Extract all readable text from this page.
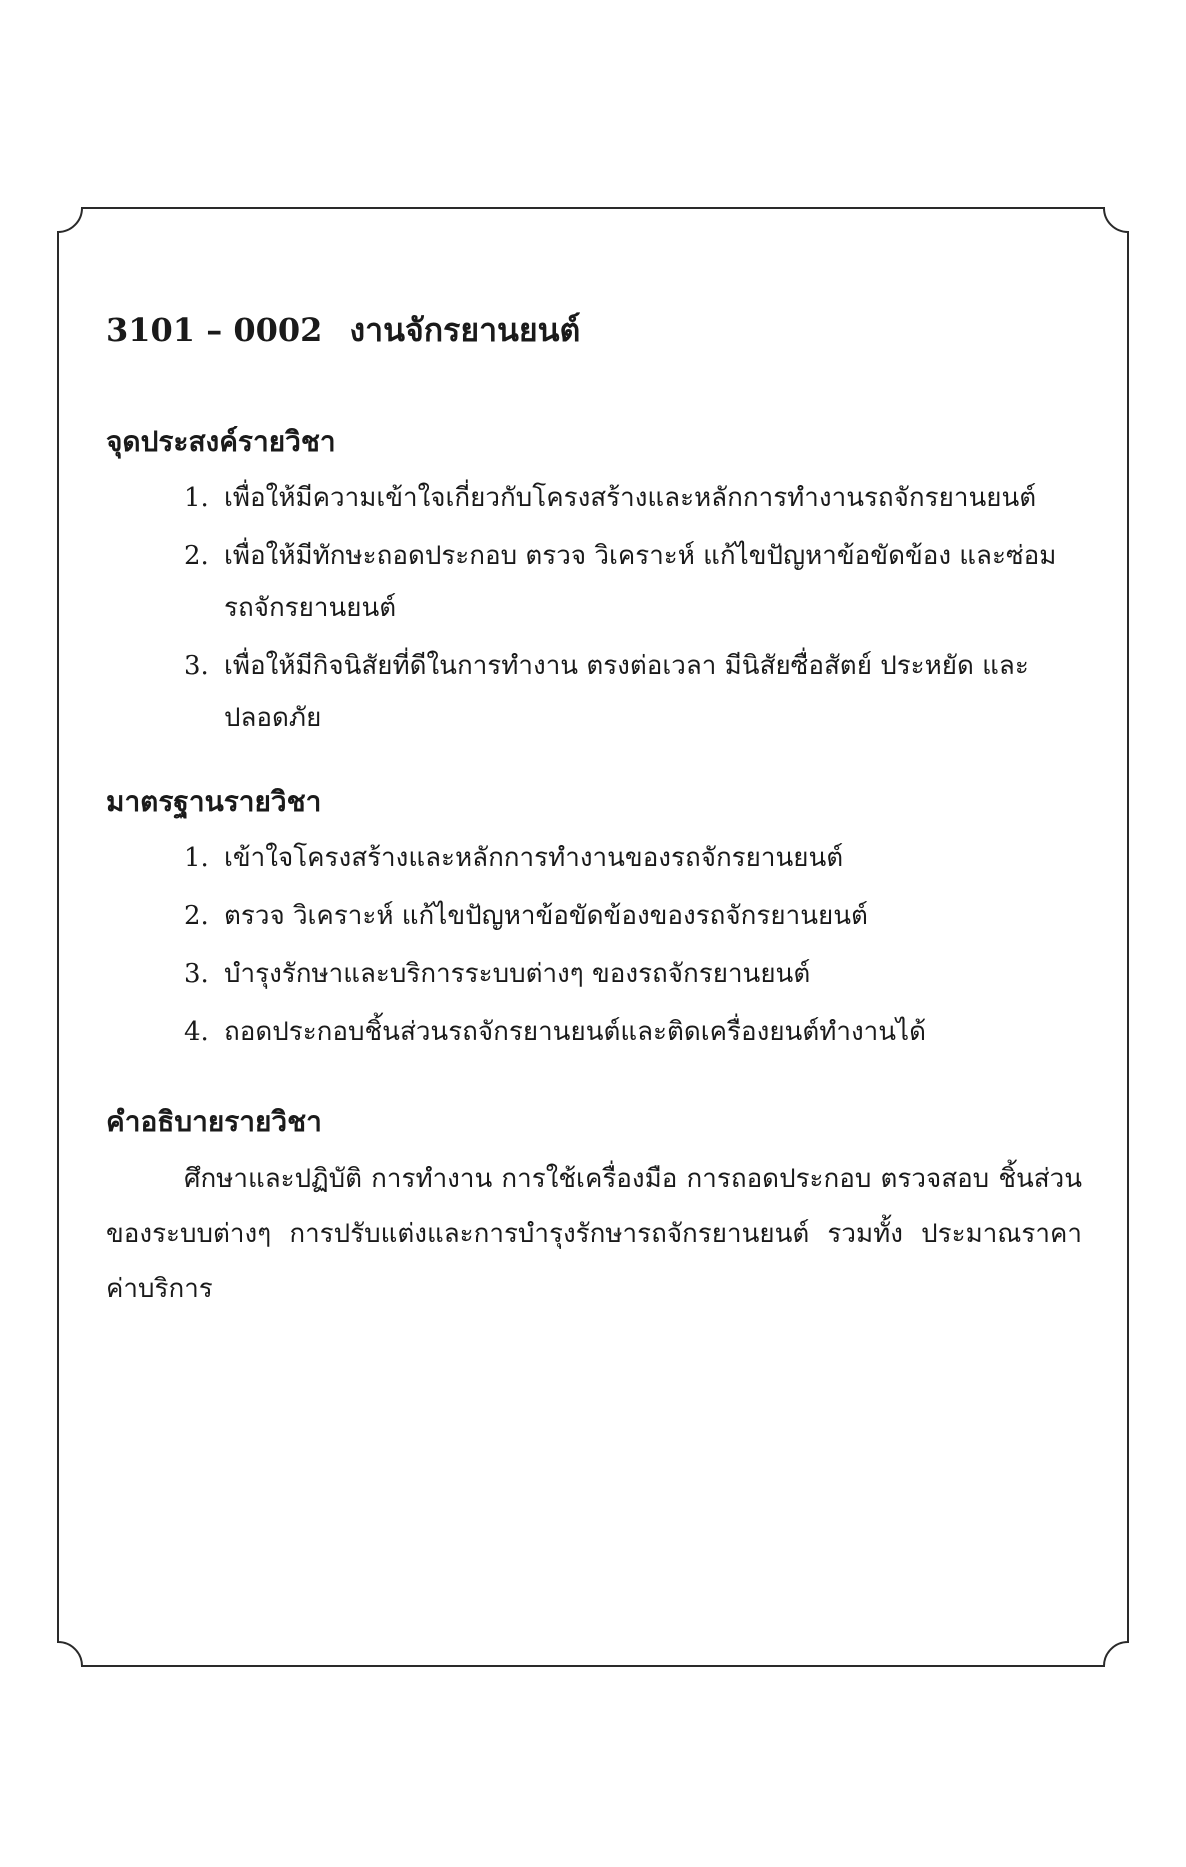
3101 – 0002 งานจักรยานยนต์
จุดประสงค์รายวิชา
1. เพื่อให้มีความเข้าใจเกี่ยวกับโครงสร้างและหลักการทำงานรถจักรยานยนต์
2. เพื่อให้มีทักษะถอดประกอบ ตรวจ วิเคราะห์ แก้ไขปัญหาข้อขัดข้อง และซ่อม รถจักรยานยนต์
3. เพื่อให้มีกิจนิสัยที่ดีในการทำงาน ตรงต่อเวลา มีนิสัยซื่อสัตย์ ประหยัด และ ปลอดภัย
มาตรฐานรายวิชา
1. เข้าใจโครงสร้างและหลักการทำงานของรถจักรยานยนต์
2. ตรวจ วิเคราะห์ แก้ไขปัญหาข้อขัดข้องของรถจักรยานยนต์
3. บำรุงรักษาและบริการระบบต่างๆ ของรถจักรยานยนต์
4. ถอดประกอบชิ้นส่วนรถจักรยานยนต์และติดเครื่องยนต์ทำงานได้
คำอธิบายรายวิชา

ศึกษาและปฏิบัติ การทำงาน การใช้เครื่องมือ การถอดประกอบ ตรวจสอบ ชิ้นส่วนของระบบต่างๆ การปรับแต่งและการบำรุงรักษารถจักรยานยนต์ รวมทั้ง ประมาณราคาค่าบริการ
